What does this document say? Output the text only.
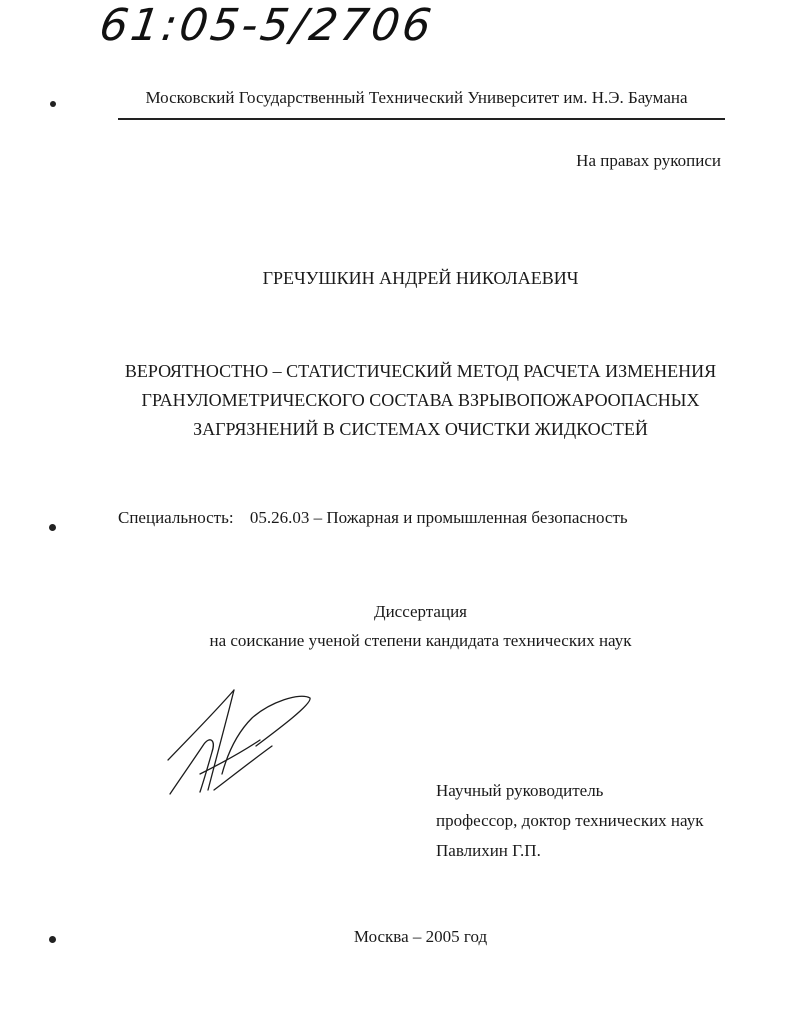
61:05-5/2706
Московский Государственный Технический Университет им. Н.Э. Баумана
На правах рукописи
ГРЕЧУШКИН АНДРЕЙ НИКОЛАЕВИЧ
ВЕРОЯТНОСТНО – СТАТИСТИЧЕСКИЙ МЕТОД РАСЧЕТА ИЗМЕНЕНИЯ
ГРАНУЛОМЕТРИЧЕСКОГО СОСТАВА ВЗРЫВОПОЖАРООПАСНЫХ
ЗАГРЯЗНЕНИЙ В СИСТЕМАХ ОЧИСТКИ ЖИДКОСТЕЙ
Специальность: 05.26.03 – Пожарная и промышленная безопасность
Диссертация
на соискание ученой степени кандидата технических наук
Научный руководитель
профессор, доктор технических наук
Павлихин Г.П.
Москва – 2005 год
